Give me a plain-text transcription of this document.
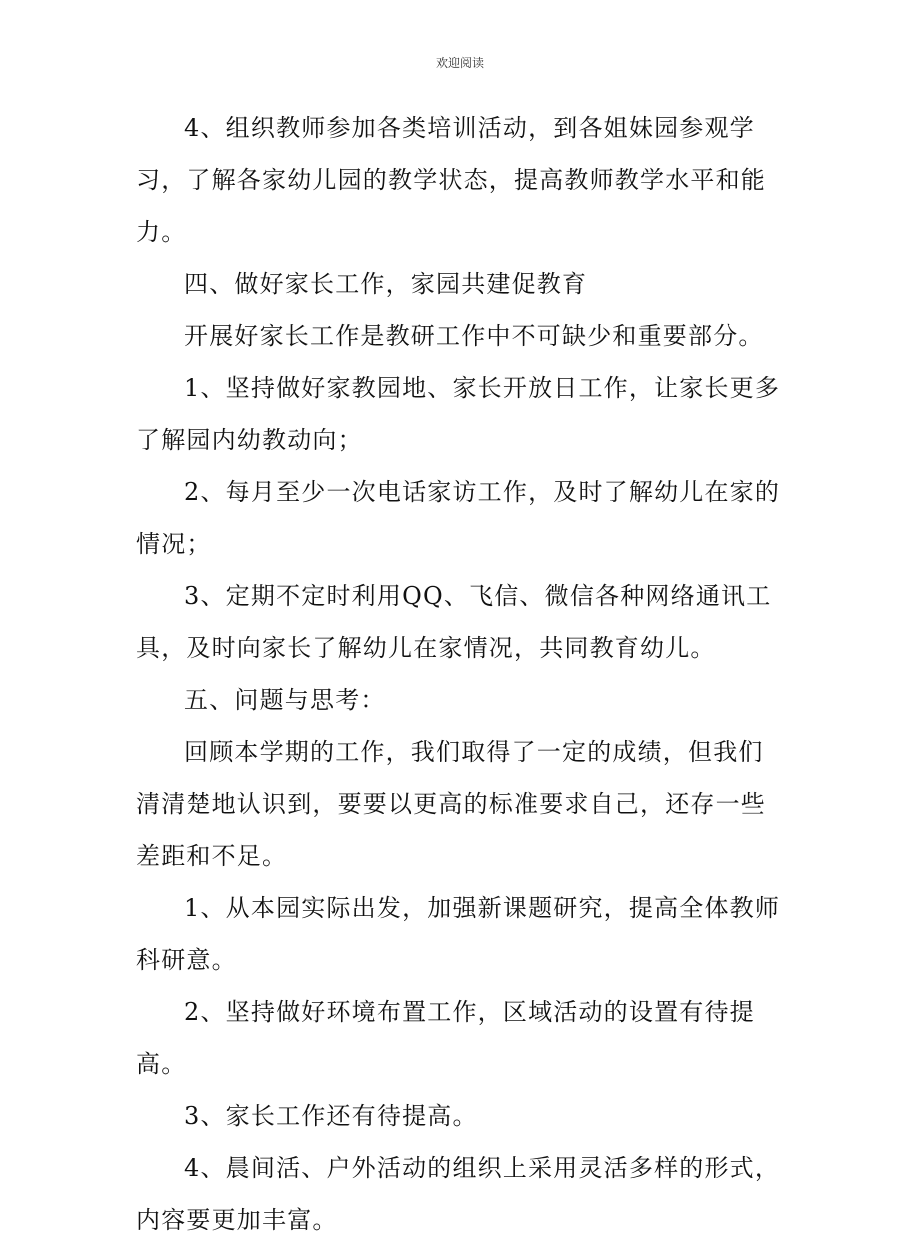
欢迎阅读

4、组织教师参加各类培训活动，到各姐妹园参观学习，了解各家幼儿园的教学状态，提高教师教学水平和能力。

四、做好家长工作，家园共建促教育

开展好家长工作是教研工作中不可缺少和重要部分。

1、坚持做好家教园地、家长开放日工作，让家长更多了解园内幼教动向；

2、每月至少一次电话家访工作，及时了解幼儿在家的情况；

3、定期不定时利用QQ、飞信、微信各种网络通讯工具，及时向家长了解幼儿在家情况，共同教育幼儿。

五、问题与思考：

回顾本学期的工作，我们取得了一定的成绩，但我们清清楚地认识到，要要以更高的标准要求自己，还存一些差距和不足。

1、从本园实际出发，加强新课题研究，提高全体教师科研意。

2、坚持做好环境布置工作，区域活动的设置有待提高。

3、家长工作还有待提高。

4、晨间活、户外活动的组织上采用灵活多样的形式，内容要更加丰富。
